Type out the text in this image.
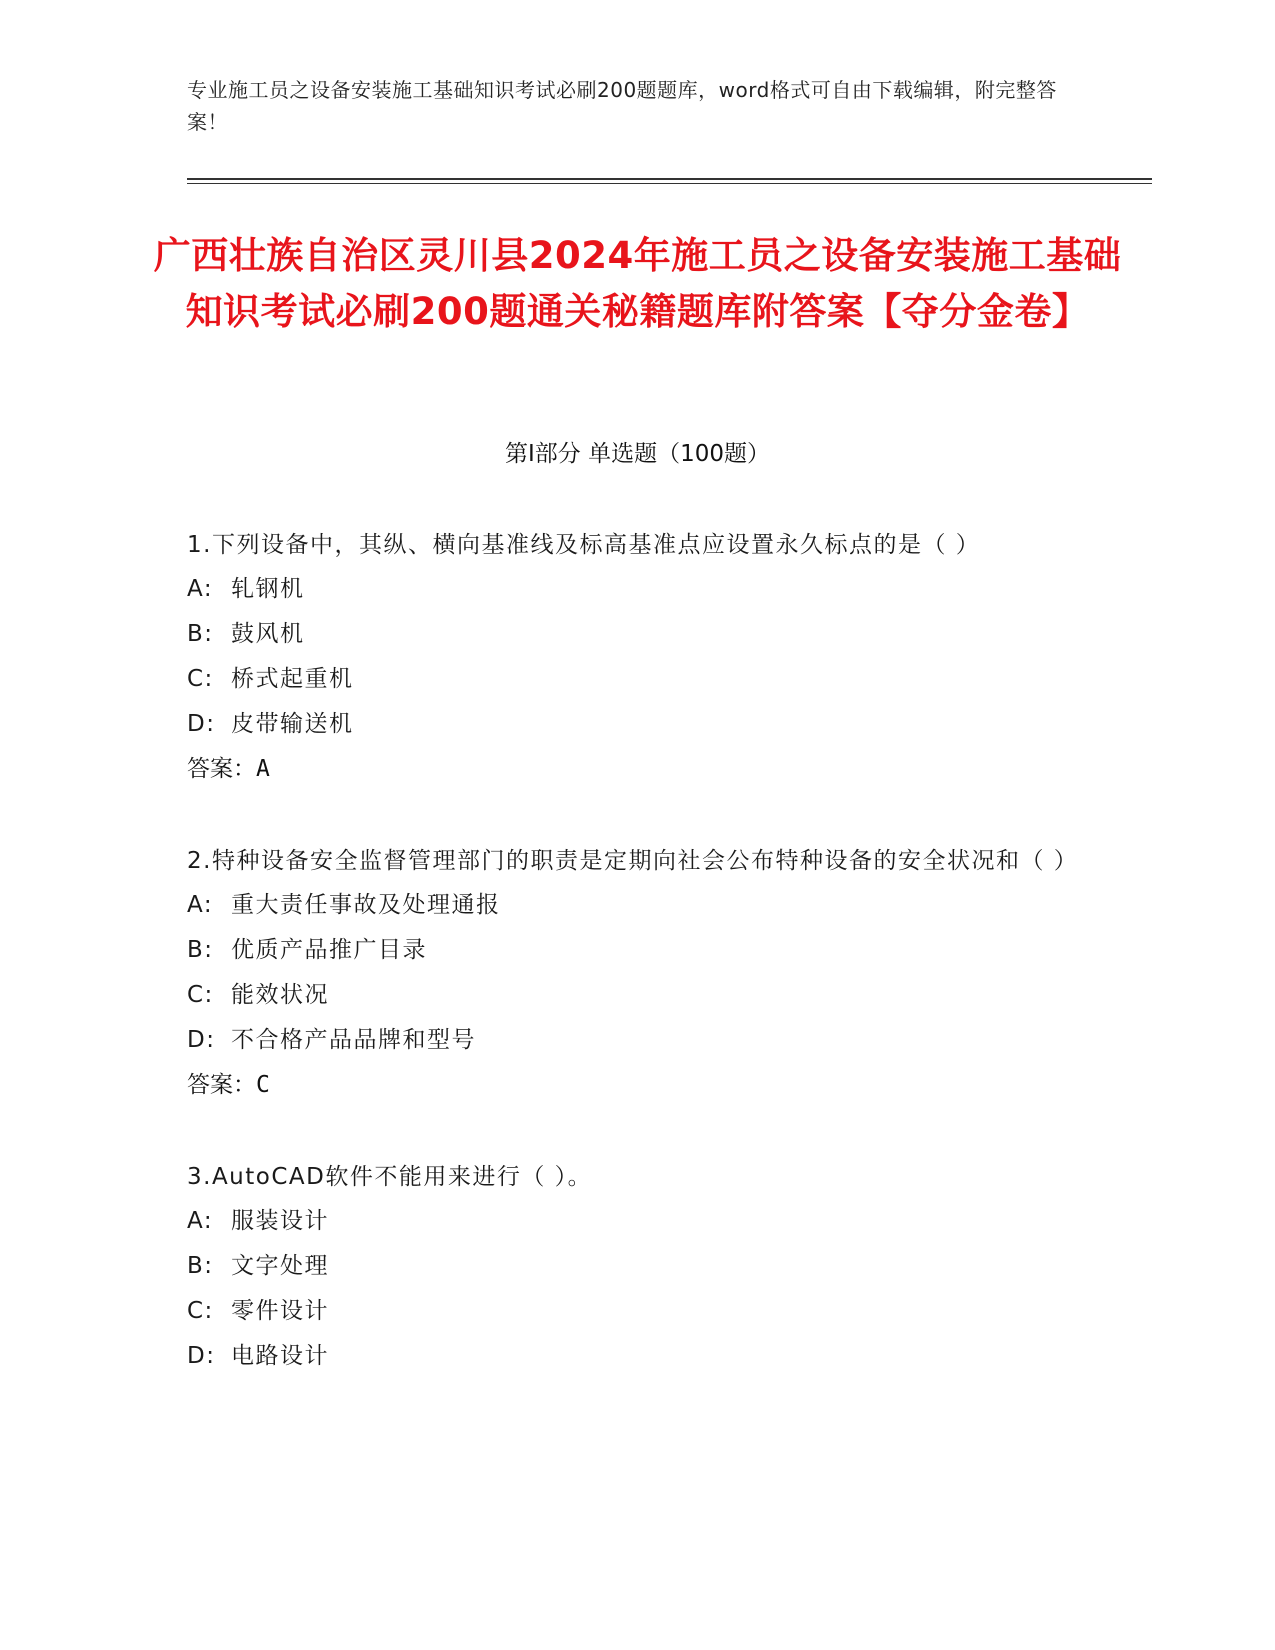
专业施工员之设备安装施工基础知识考试必刷200题题库，word格式可自由下载编辑，附完整答案！
广西壮族自治区灵川县2024年施工员之设备安装施工基础知识考试必刷200题通关秘籍题库附答案【夺分金卷】
第Ⅰ部分 单选题（100题）
1.下列设备中，其纵、横向基准线及标高基准点应设置永久标点的是（ ）
A: 轧钢机
B: 鼓风机
C: 桥式起重机
D: 皮带输送机
答案：A
2.特种设备安全监督管理部门的职责是定期向社会公布特种设备的安全状况和（ ）
A: 重大责任事故及处理通报
B: 优质产品推广目录
C: 能效状况
D: 不合格产品品牌和型号
答案：C
3.AutoCAD软件不能用来进行（ ）。
A: 服装设计
B: 文字处理
C: 零件设计
D: 电路设计
